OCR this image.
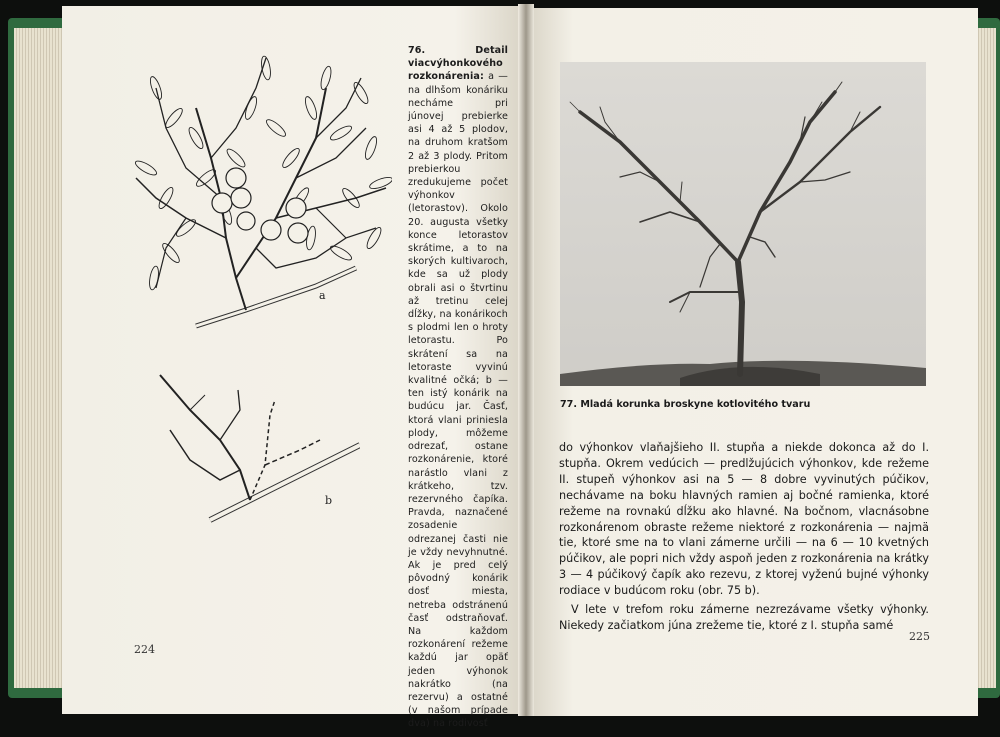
a
b
76.	Detail viacvýhonkového rozkonárenia: a — na dlhšom konáriku necháme pri júnovej prebierke asi 4 až 5 plodov, na druhom kratšom 2 až 3 plody. Pritom prebierkou zredukujeme počet výhonkov (letorastov). Okolo 20. augusta všetky konce letorastov skrátime, a to na skorých kultivaroch, kde sa už plody obrali asi o štvrtinu až tretinu celej dĺžky, na konárikoch s plodmi len o hroty letorastu. Po skrátení sa na letoraste vyvinú kvalitné očká; b — ten istý konárik na budúcu jar. Časť, ktorá vlani priniesla plody, môžeme odrezať, ostane rozkonárenie, ktoré narástlo vlani z krátkeho, tzv. rezervného čapíka. Pravda, naznačené zosadenie odrezanej časti nie je vždy nevyhnutné. Ak je pred celý pôvodný konárik dosť miesta, netreba odstránenú časť odstraňovať. Na každom rozkonárení režeme každú jar opäť jeden výhonok nakrátko (na rezervu) a ostatné (v našom prípade dva) na rodivosť
224
77. Mladá korunka broskyne kotlovitého tvaru

do výhonkov vlaňajšieho II. stupňa a niekde dokonca až do I. stupňa. Okrem vedúcich — predlžujúcich výhonkov, kde režeme II. stupeň výhonkov asi na 5 — 8 dobre vyvinutých púčikov, nechávame na boku hlavných ramien aj bočné ramienka, ktoré režeme na rovnakú dĺžku ako hlavné. Na bočnom, vlacnásobne rozkonárenom obraste režeme niektoré z rozkonárenia — najmä tie, ktoré sme na to vlani zámerne určili — na 6 — 10 kvetných púčikov, ale popri nich vždy aspoň jeden z rozkonárenia na krátky 3 — 4 púčikový čapík ako rezevu, z ktorej vyženú bujné výhonky rodiace v budúcom roku (obr. 75 b).

V lete v trefom roku zámerne nezrezávame všetky výhonky. Niekedy začiatkom júna zrežeme tie, ktoré z I. stupňa samé

225
